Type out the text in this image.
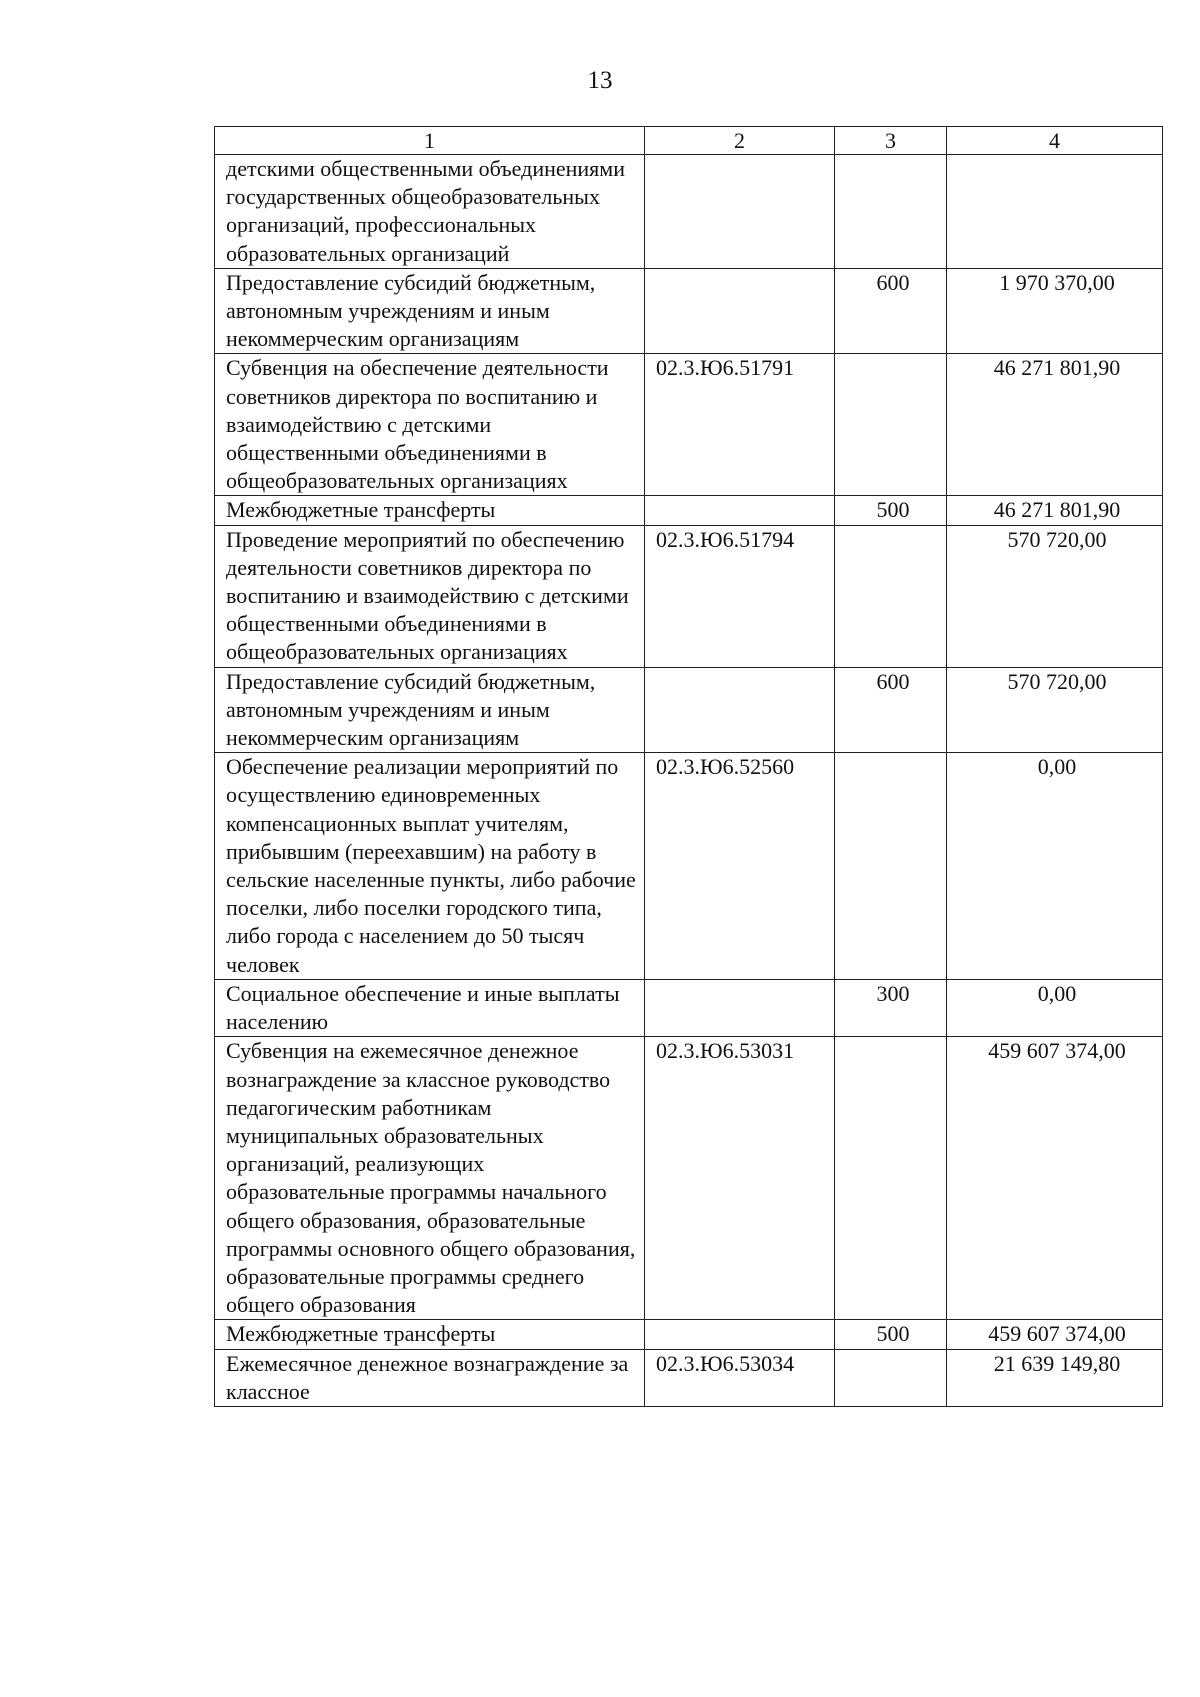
13
1	2	3	4
детскими общественными объединениями государственных общеобразовательных организаций, профессиональных образовательных организаций			
Предоставление субсидий бюджетным, автономным учреждениям и иным некоммерческим организациям		600	1 970 370,00
Субвенция на обеспечение деятельности советников директора по воспитанию и взаимодействию с детскими общественными объединениями в общеобразовательных организациях	02.3.Ю6.51791		46 271 801,90
Межбюджетные трансферты		500	46 271 801,90
Проведение мероприятий по обеспечению деятельности советников директора по воспитанию и взаимодействию с детскими общественными объединениями в общеобразовательных организациях	02.3.Ю6.51794		570 720,00
Предоставление субсидий бюджетным, автономным учреждениям и иным некоммерческим организациям		600	570 720,00
Обеспечение реализации мероприятий по осуществлению единовременных компенсационных выплат учителям, прибывшим (переехавшим) на работу в сельские населенные пункты, либо рабочие поселки, либо поселки городского типа, либо города с населением до 50 тысяч человек	02.3.Ю6.52560		0,00
Социальное обеспечение и иные выплаты населению		300	0,00
Субвенция на ежемесячное денежное вознаграждение за классное руководство педагогическим работникам муниципальных образовательных организаций, реализующих образовательные программы начального общего образования, образовательные программы основного общего образования, образовательные программы среднего общего образования	02.3.Ю6.53031		459 607 374,00
Межбюджетные трансферты		500	459 607 374,00
Ежемесячное денежное вознаграждение за классное	02.3.Ю6.53034		21 639 149,80
